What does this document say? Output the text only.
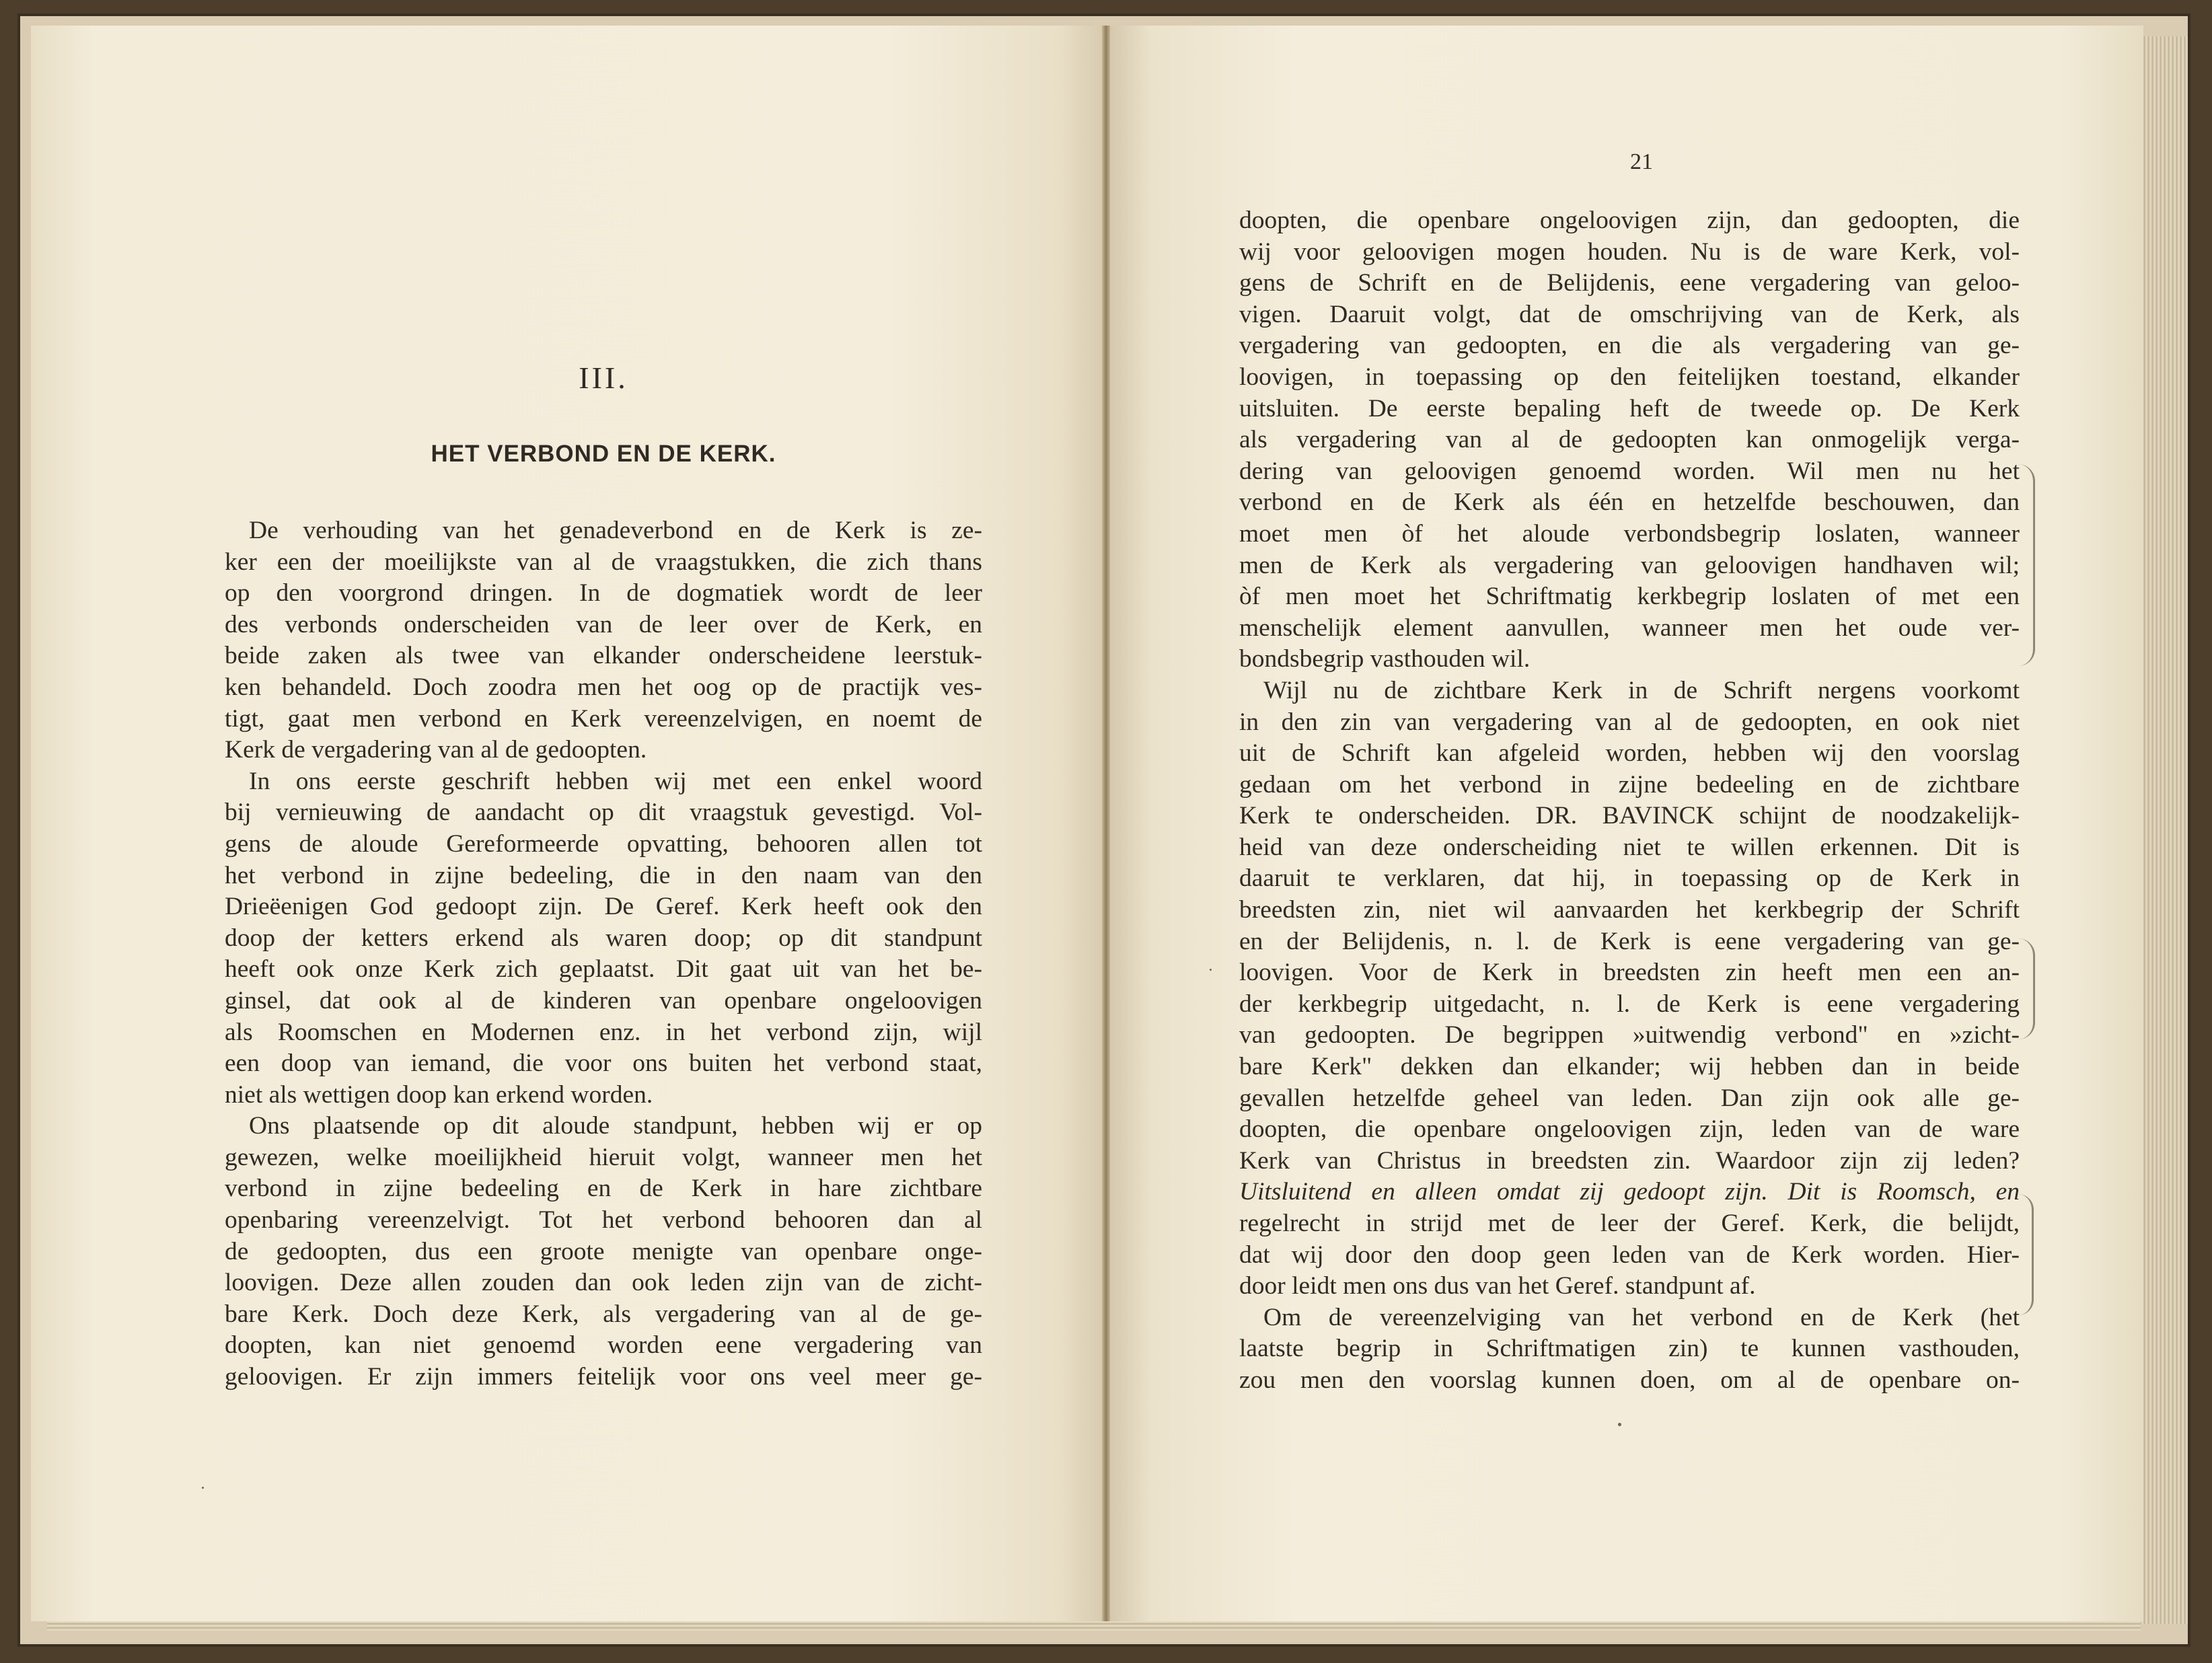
III.
HET VERBOND EN DE KERK.
De verhouding van het genadeverbond en de Kerk is ze-
ker een der moeilijkste van al de vraagstukken, die zich thans
op den voorgrond dringen. In de dogmatiek wordt de leer
des verbonds onderscheiden van de leer over de Kerk, en
beide zaken als twee van elkander onderscheidene leerstuk-
ken behandeld. Doch zoodra men het oog op de practijk ves-
tigt, gaat men verbond en Kerk vereenzelvigen, en noemt de
Kerk de vergadering van al de gedoopten.
In ons eerste geschrift hebben wij met een enkel woord
bij vernieuwing de aandacht op dit vraagstuk gevestigd. Vol-
gens de aloude Gereformeerde opvatting, behooren allen tot
het verbond in zijne bedeeling, die in den naam van den
Drieëenigen God gedoopt zijn. De Geref. Kerk heeft ook den
doop der ketters erkend als waren doop; op dit standpunt
heeft ook onze Kerk zich geplaatst. Dit gaat uit van het be-
ginsel, dat ook al de kinderen van openbare ongeloovigen
als Roomschen en Modernen enz. in het verbond zijn, wijl
een doop van iemand, die voor ons buiten het verbond staat,
niet als wettigen doop kan erkend worden.
Ons plaatsende op dit aloude standpunt, hebben wij er op
gewezen, welke moeilijkheid hieruit volgt, wanneer men het
verbond in zijne bedeeling en de Kerk in hare zichtbare
openbaring vereenzelvigt. Tot het verbond behooren dan al
de gedoopten, dus een groote menigte van openbare onge-
loovigen. Deze allen zouden dan ook leden zijn van de zicht-
bare Kerk. Doch deze Kerk, als vergadering van al de ge-
doopten, kan niet genoemd worden eene vergadering van
geloovigen. Er zijn immers feitelijk voor ons veel meer ge-
21
doopten, die openbare ongeloovigen zijn, dan gedoopten, die
wij voor geloovigen mogen houden. Nu is de ware Kerk, vol-
gens de Schrift en de Belijdenis, eene vergadering van geloo-
vigen. Daaruit volgt, dat de omschrijving van de Kerk, als
vergadering van gedoopten, en die als vergadering van ge-
loovigen, in toepassing op den feitelijken toestand, elkander
uitsluiten. De eerste bepaling heft de tweede op. De Kerk
als vergadering van al de gedoopten kan onmogelijk verga-
dering van geloovigen genoemd worden. Wil men nu het
verbond en de Kerk als één en hetzelfde beschouwen, dan
moet men òf het aloude verbondsbegrip loslaten, wanneer
men de Kerk als vergadering van geloovigen handhaven wil;
òf men moet het Schriftmatig kerkbegrip loslaten of met een
menschelijk element aanvullen, wanneer men het oude ver-
bondsbegrip vasthouden wil.
Wijl nu de zichtbare Kerk in de Schrift nergens voorkomt
in den zin van vergadering van al de gedoopten, en ook niet
uit de Schrift kan afgeleid worden, hebben wij den voorslag
gedaan om het verbond in zijne bedeeling en de zichtbare
Kerk te onderscheiden. DR. BAVINCK schijnt de noodzakelijk-
heid van deze onderscheiding niet te willen erkennen. Dit is
daaruit te verklaren, dat hij, in toepassing op de Kerk in
breedsten zin, niet wil aanvaarden het kerkbegrip der Schrift
en der Belijdenis, n. l. de Kerk is eene vergadering van ge-
loovigen. Voor de Kerk in breedsten zin heeft men een an-
der kerkbegrip uitgedacht, n. l. de Kerk is eene vergadering
van gedoopten. De begrippen »uitwendig verbond" en »zicht-
bare Kerk" dekken dan elkander; wij hebben dan in beide
gevallen hetzelfde geheel van leden. Dan zijn ook alle ge-
doopten, die openbare ongeloovigen zijn, leden van de ware
Kerk van Christus in breedsten zin. Waardoor zijn zij leden?
Uitsluitend en alleen omdat zij gedoopt zijn. Dit is Roomsch, en
regelrecht in strijd met de leer der Geref. Kerk, die belijdt,
dat wij door den doop geen leden van de Kerk worden. Hier-
door leidt men ons dus van het Geref. standpunt af.
Om de vereenzelviging van het verbond en de Kerk (het
laatste begrip in Schriftmatigen zin) te kunnen vasthouden,
zou men den voorslag kunnen doen, om al de openbare on-
